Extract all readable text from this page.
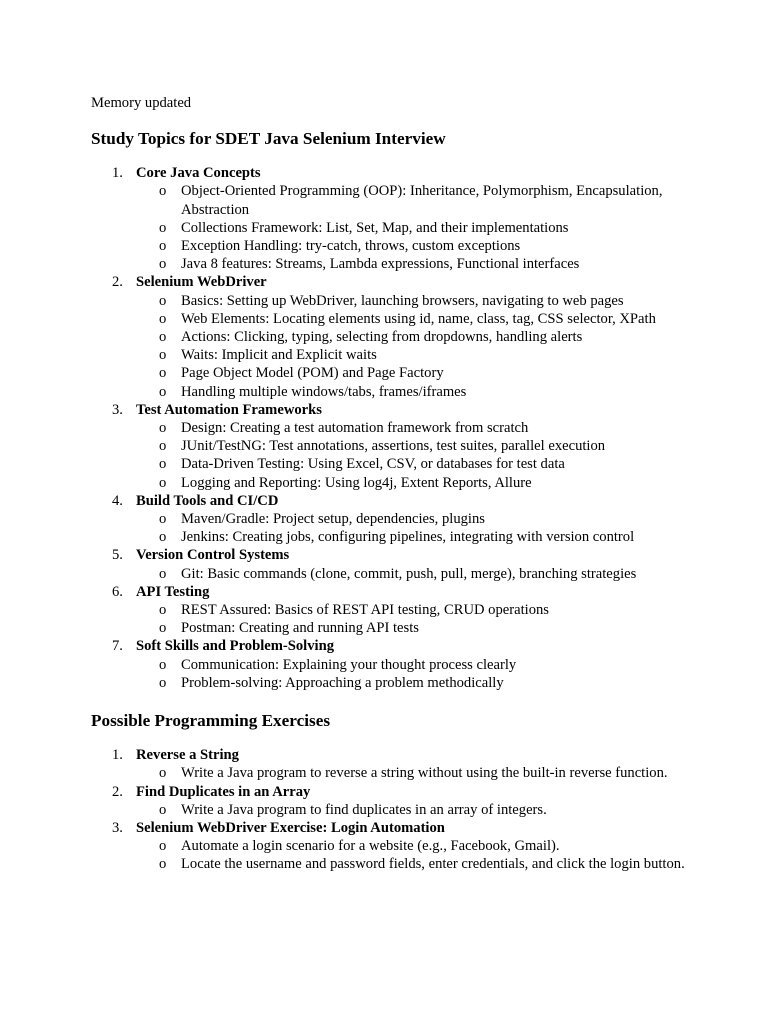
Memory updated

Study Topics for SDET Java Selenium Interview
1. Core Java Concepts
o Object-Oriented Programming (OOP): Inheritance, Polymorphism, Encapsulation, Abstraction
o Collections Framework: List, Set, Map, and their implementations
o Exception Handling: try-catch, throws, custom exceptions
o Java 8 features: Streams, Lambda expressions, Functional interfaces
2. Selenium WebDriver
o Basics: Setting up WebDriver, launching browsers, navigating to web pages
o Web Elements: Locating elements using id, name, class, tag, CSS selector, XPath
o Actions: Clicking, typing, selecting from dropdowns, handling alerts
o Waits: Implicit and Explicit waits
o Page Object Model (POM) and Page Factory
o Handling multiple windows/tabs, frames/iframes
3. Test Automation Frameworks
o Design: Creating a test automation framework from scratch
o JUnit/TestNG: Test annotations, assertions, test suites, parallel execution
o Data-Driven Testing: Using Excel, CSV, or databases for test data
o Logging and Reporting: Using log4j, Extent Reports, Allure
4. Build Tools and CI/CD
o Maven/Gradle: Project setup, dependencies, plugins
o Jenkins: Creating jobs, configuring pipelines, integrating with version control
5. Version Control Systems
o Git: Basic commands (clone, commit, push, pull, merge), branching strategies
6. API Testing
o REST Assured: Basics of REST API testing, CRUD operations
o Postman: Creating and running API tests
7. Soft Skills and Problem-Solving
o Communication: Explaining your thought process clearly
o Problem-solving: Approaching a problem methodically
Possible Programming Exercises
1. Reverse a String
o Write a Java program to reverse a string without using the built-in reverse function.
2. Find Duplicates in an Array
o Write a Java program to find duplicates in an array of integers.
3. Selenium WebDriver Exercise: Login Automation
o Automate a login scenario for a website (e.g., Facebook, Gmail).
o Locate the username and password fields, enter credentials, and click the login button.
